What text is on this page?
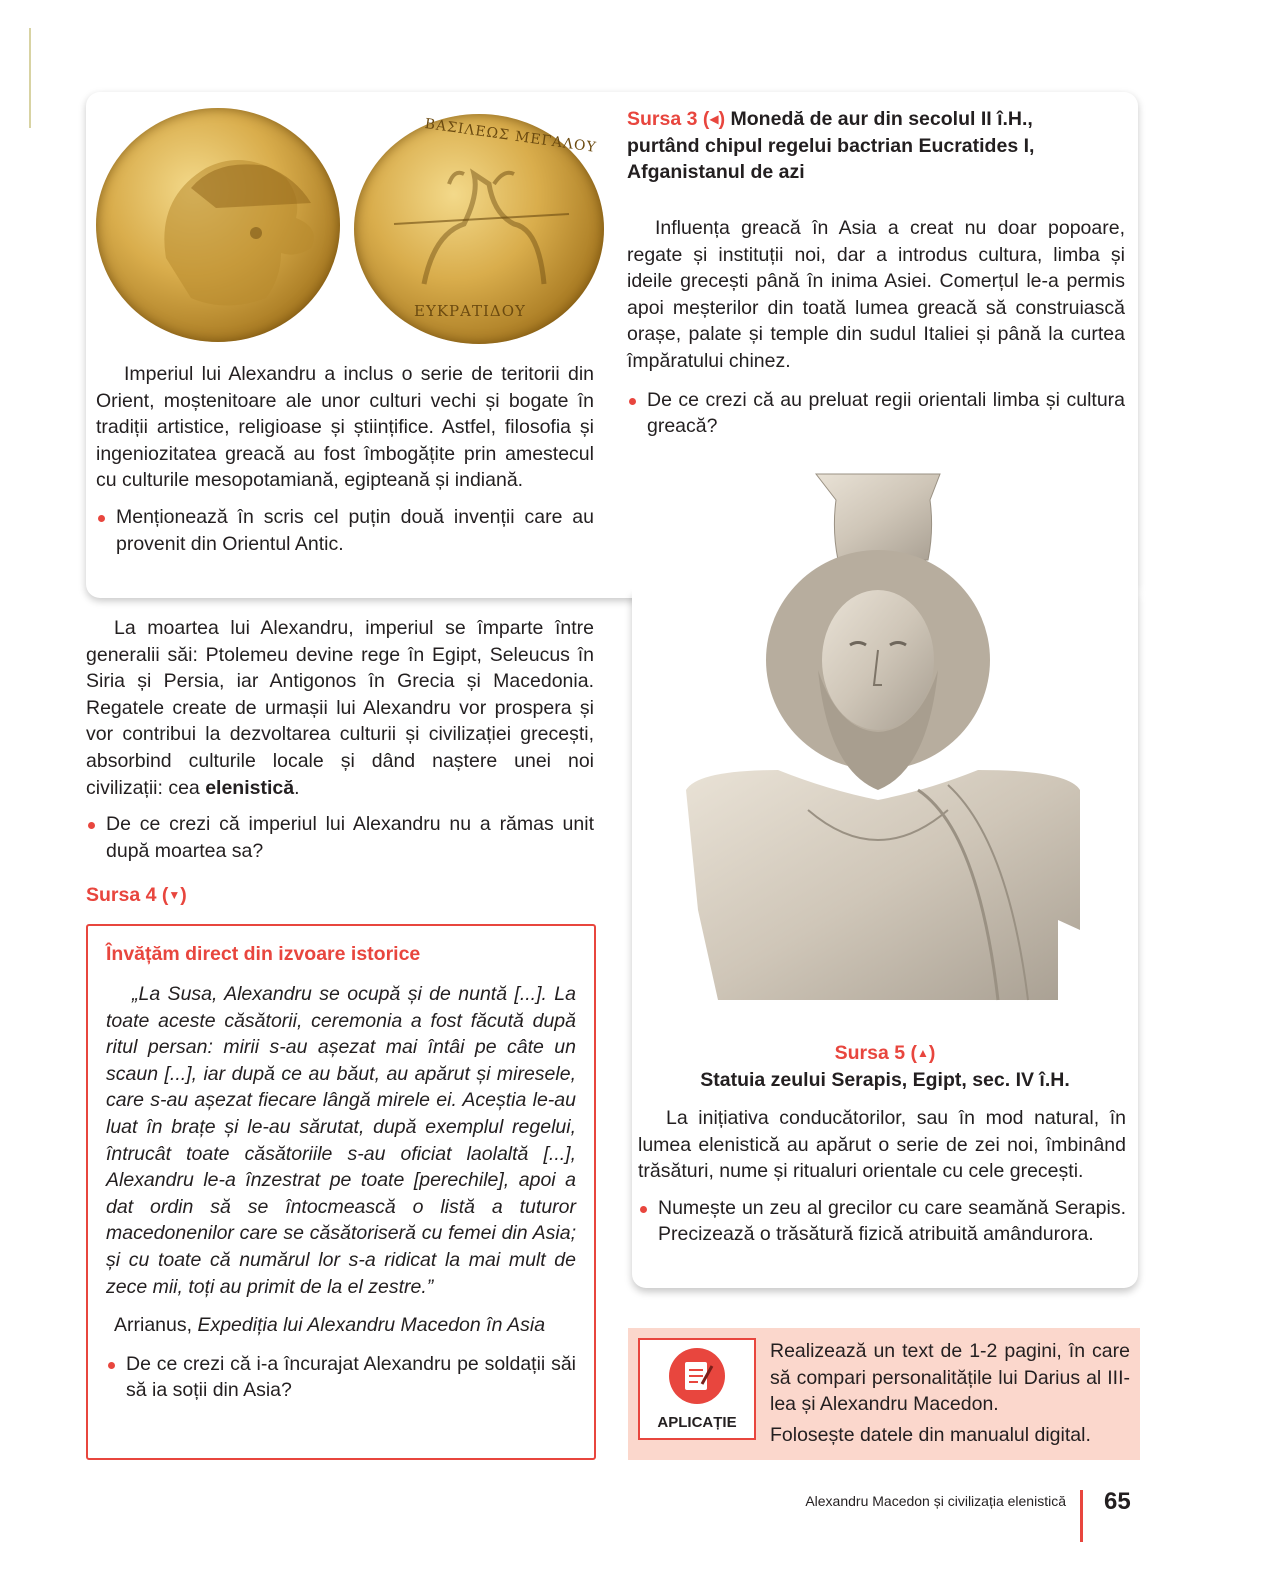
ΕΥΚΡΑΤΙΔΟΥ
ΒΑΣΙΛΕΩΣ ΜΕΓΑΛΟΥ Sursa 3 (◀) Monedă de aur din secolul II î.H.,
purtând chipul regelui bactrian Eucratides I,
Afganistanul de azi

Imperiul lui Alexandru a inclus o serie de teritorii din Orient, moștenitoare ale unor culturi vechi și bogate în tradiții artistice, religioase și științifice. Astfel, filosofia și ingeniozitatea greacă au fost îmbogățite prin amestecul cu culturile mesopotamiană, egipteană și indiană.

Menționează în scris cel puțin două invenții care au provenit din Orientul Antic.

Influența greacă în Asia a creat nu doar popoare, regate și instituții noi, dar a introdus cultura, limba și ideile grecești până în inima Asiei. Comerțul le-a permis apoi meșterilor din toată lumea greacă să construiască orașe, palate și temple din sudul Italiei și până la curtea împăratului chinez.

De ce crezi că au preluat regii orientali limba și cultura greacă?

La moartea lui Alexandru, imperiul se împarte între generalii săi: Ptolemeu devine rege în Egipt, Seleucus în Siria și Persia, iar Antigonos în Grecia și Macedonia. Regatele create de urmașii lui Alexandru vor prospera și vor contribui la dezvoltarea culturii și civilizației grecești, absorbind culturile locale și dând naștere unei noi civilizații: cea elenistică.

De ce crezi că imperiul lui Alexandru nu a rămas unit după moartea sa?

Sursa 4 (▼)

Învățăm direct din izvoare istorice

„La Susa, Alexandru se ocupă și de nuntă [...]. La toate aceste căsătorii, ceremonia a fost făcută după ritul persan: mirii s-au așezat mai întâi pe câte un scaun [...], iar după ce au băut, au apărut și miresele, care s-au așezat fiecare lângă mirele ei. Aceștia le-au luat în brațe și le-au sărutat, după exemplul regelui, întrucât toate căsătoriile s-au oficiat laolaltă [...], Alexandru le-a înzestrat pe toate [perechile], apoi a dat ordin să se întocmească o listă a tuturor macedonenilor care se căsătoriseră cu femei din Asia; și cu toate că numărul lor s-a ridicat la mai mult de zece mii, toți au primit de la el zestre.”

Arrianus, Expediția lui Alexandru Macedon în Asia

De ce crezi că i-a încurajat Alexandru pe soldații săi să ia soții din Asia?

Sursa 5 (▲)
Statuia zeului Serapis, Egipt, sec. IV î.H.

La inițiativa conducătorilor, sau în mod natural, în lumea elenistică au apărut o serie de zei noi, îmbinând trăsături, nume și ritualuri orientale cu cele grecești.

Numește un zeu al grecilor cu care seamănă Serapis. Precizează o trăsătură fizică atribuită amândurora.

APLICAȚIE

Realizează un text de 1-2 pagini, în care să compari personalitățile lui Darius al III-lea și Alexandru Macedon.

Folosește datele din manualul digital.

Alexandru Macedon și civilizația elenistică 65
